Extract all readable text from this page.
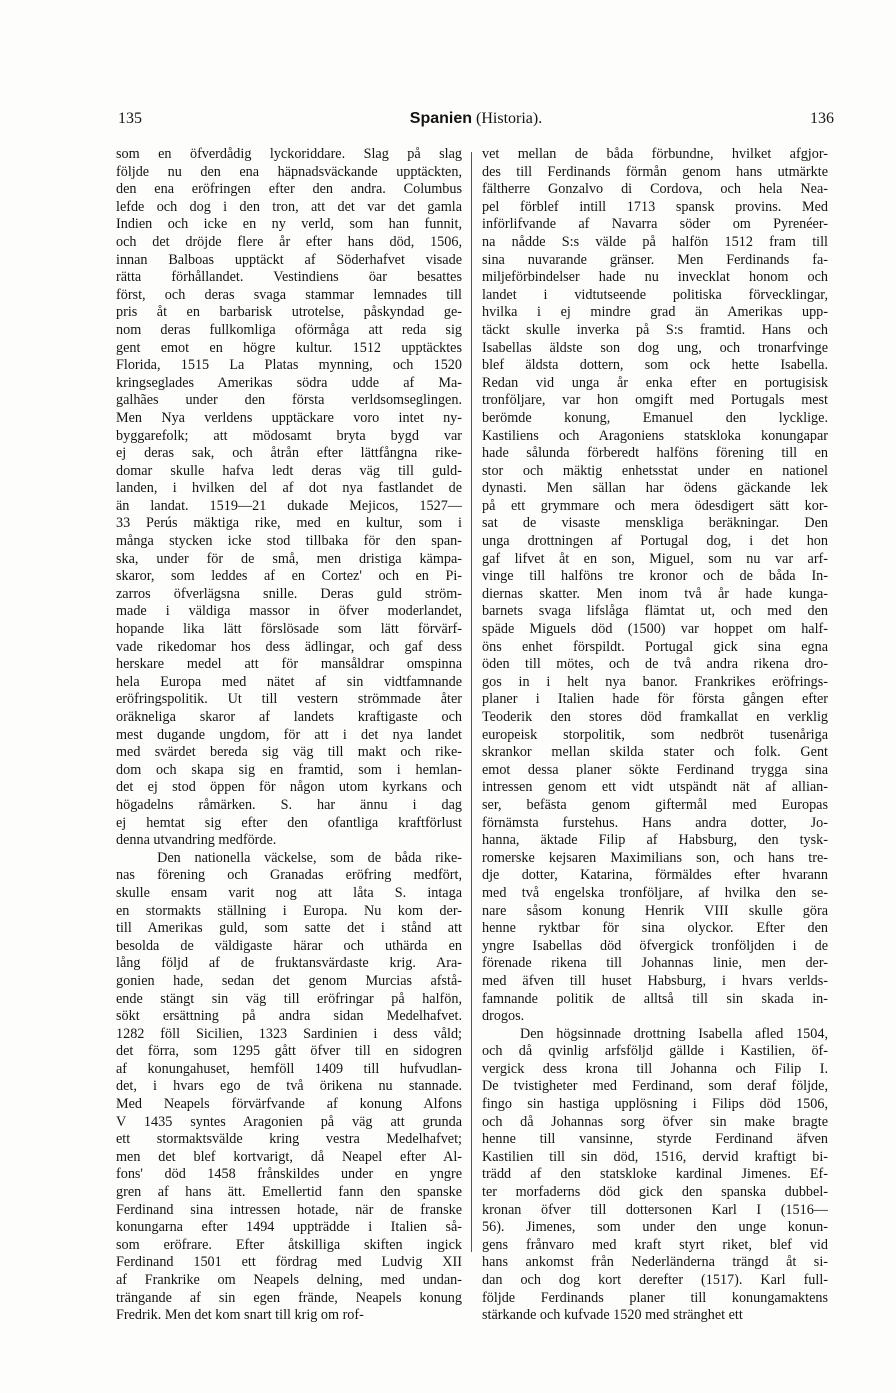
135	Spanien (Historia).	136
som en öfverdådig lyckoriddare. Slag på slag
följde nu den ena häpnadsväckande upptäckten,
den ena eröfringen efter den andra. Columbus
lefde och dog i den tron, att det var det gamla
Indien och icke en ny verld, som han funnit,
och det dröjde flere år efter hans död, 1506,
innan Balboas upptäckt af Söderhafvet visade
rätta förhållandet. Vestindiens öar besattes
först, och deras svaga stammar lemnades till
pris åt en barbarisk utrotelse, påskyndad ge-
nom deras fullkomliga oförmåga att reda sig
gent emot en högre kultur. 1512 upptäcktes
Florida, 1515 La Platas mynning, och 1520
kringseglades Amerikas södra udde af Ma-
galhães under den första verldsomseglingen.
Men Nya verldens upptäckare voro intet ny-
byggarefolk; att mödosamt bryta bygd var
ej deras sak, och åtrån efter lättfångna rike-
domar skulle hafva ledt deras väg till guld-
landen, i hvilken del af dot nya fastlandet de
än landat. 1519—21 dukade Mejicos, 1527—
33 Perús mäktiga rike, med en kultur, som i
många stycken icke stod tillbaka för den span-
ska, under för de små, men dristiga kämpa-
skaror, som leddes af en Cortez' och en Pi-
zarros öfverlägsna snille. Deras guld ström-
made i väldiga massor in öfver moderlandet,
hopande lika lätt förslösade som lätt förvärf-
vade rikedomar hos dess ädlingar, och gaf dess
herskare medel att för mansåldrar omspinna
hela Europa med nätet af sin vidtfamnande
eröfringspolitik. Ut till vestern strömmade åter
oräkneliga skaror af landets kraftigaste och
mest dugande ungdom, för att i det nya landet
med svärdet bereda sig väg till makt och rike-
dom och skapa sig en framtid, som i hemlan-
det ej stod öppen för någon utom kyrkans och
högadelns råmärken. S. har ännu i dag
ej hemtat sig efter den ofantliga kraftförlust
denna utvandring medförde.
Den nationella väckelse, som de båda rike-
nas förening och Granadas eröfring medfört,
skulle ensam varit nog att låta S. intaga
en stormakts ställning i Europa. Nu kom der-
till Amerikas guld, som satte det i stånd att
besolda de väldigaste härar och uthärda en
lång följd af de fruktansvärdaste krig. Ara-
gonien hade, sedan det genom Murcias afstå-
ende stängt sin väg till eröfringar på halfön,
sökt ersättning på andra sidan Medelhafvet.
1282 föll Sicilien, 1323 Sardinien i dess våld;
det förra, som 1295 gått öfver till en sidogren
af konungahuset, hemföll 1409 till hufvudlan-
det, i hvars ego de två örikena nu stannade.
Med Neapels förvärfvande af konung Alfons
V 1435 syntes Aragonien på väg att grunda
ett stormaktsvälde kring vestra Medelhafvet;
men det blef kortvarigt, då Neapel efter Al-
fons' död 1458 frånskildes under en yngre
gren af hans ätt. Emellertid fann den spanske
Ferdinand sina intressen hotade, när de franske
konungarna efter 1494 uppträdde i Italien så-
som eröfrare. Efter åtskilliga skiften ingick
Ferdinand 1501 ett fördrag med Ludvig XII
af Frankrike om Neapels delning, med undan-
trängande af sin egen frände, Neapels konung
Fredrik. Men det kom snart till krig om rof-
vet mellan de båda förbundne, hvilket afgjor-
des till Ferdinands förmån genom hans utmärkte
fältherre Gonzalvo di Cordova, och hela Nea-
pel förblef intill 1713 spansk provins. Med
införlifvande af Navarra söder om Pyrenéer-
na nådde S:s välde på halfön 1512 fram till
sina nuvarande gränser. Men Ferdinands fa-
miljeförbindelser hade nu invecklat honom och
landet i vidtutseende politiska förvecklingar,
hvilka i ej mindre grad än Amerikas upp-
täckt skulle inverka på S:s framtid. Hans och
Isabellas äldste son dog ung, och tronarfvinge
blef äldsta dottern, som ock hette Isabella.
Redan vid unga år enka efter en portugisisk
tronföljare, var hon omgift med Portugals mest
berömde konung, Emanuel den lycklige.
Kastiliens och Aragoniens statskloka konungapar
hade sålunda förberedt halföns förening till en
stor och mäktig enhetsstat under en nationel
dynasti. Men sällan har ödens gäckande lek
på ett grymmare och mera ödesdigert sätt kor-
sat de visaste menskliga beräkningar. Den
unga drottningen af Portugal dog, i det hon
gaf lifvet åt en son, Miguel, som nu var arf-
vinge till halföns tre kronor och de båda In-
diernas skatter. Men inom två år hade kunga-
barnets svaga lifslåga flämtat ut, och med den
späde Miguels död (1500) var hoppet om half-
öns enhet förspildt. Portugal gick sina egna
öden till mötes, och de två andra rikena dro-
gos in i helt nya banor. Frankrikes eröfrings-
planer i Italien hade för första gången efter
Teoderik den stores död framkallat en verklig
europeisk storpolitik, som nedbröt tusenåriga
skrankor mellan skilda stater och folk. Gent
emot dessa planer sökte Ferdinand trygga sina
intressen genom ett vidt utspändt nät af allian-
ser, befästa genom giftermål med Europas
förnämsta furstehus. Hans andra dotter, Jo-
hanna, äktade Filip af Habsburg, den tysk-
romerske kejsaren Maximilians son, och hans tre-
dje dotter, Katarina, förmäldes efter hvarann
med två engelska tronföljare, af hvilka den se-
nare såsom konung Henrik VIII skulle göra
henne ryktbar för sina olyckor. Efter den
yngre Isabellas död öfvergick tronföljden i de
förenade rikena till Johannas linie, men der-
med äfven till huset Habsburg, i hvars verlds-
famnande politik de alltså till sin skada in-
drogos.
Den högsinnade drottning Isabella afled 1504,
och då qvinlig arfsföljd gällde i Kastilien, öf-
vergick dess krona till Johanna och Filip I.
De tvistigheter med Ferdinand, som deraf följde,
fingo sin hastiga upplösning i Filips död 1506,
och då Johannas sorg öfver sin make bragte
henne till vansinne, styrde Ferdinand äfven
Kastilien till sin död, 1516, dervid kraftigt bi-
trädd af den statskloke kardinal Jimenes. Ef-
ter morfaderns död gick den spanska dubbel-
kronan öfver till dottersonen Karl I (1516—
56). Jimenes, som under den unge konun-
gens frånvaro med kraft styrt riket, blef vid
hans ankomst från Nederländerna trängd åt si-
dan och dog kort derefter (1517). Karl full-
följde Ferdinands planer till konungamaktens
stärkande och kufvade 1520 med stränghet ett
